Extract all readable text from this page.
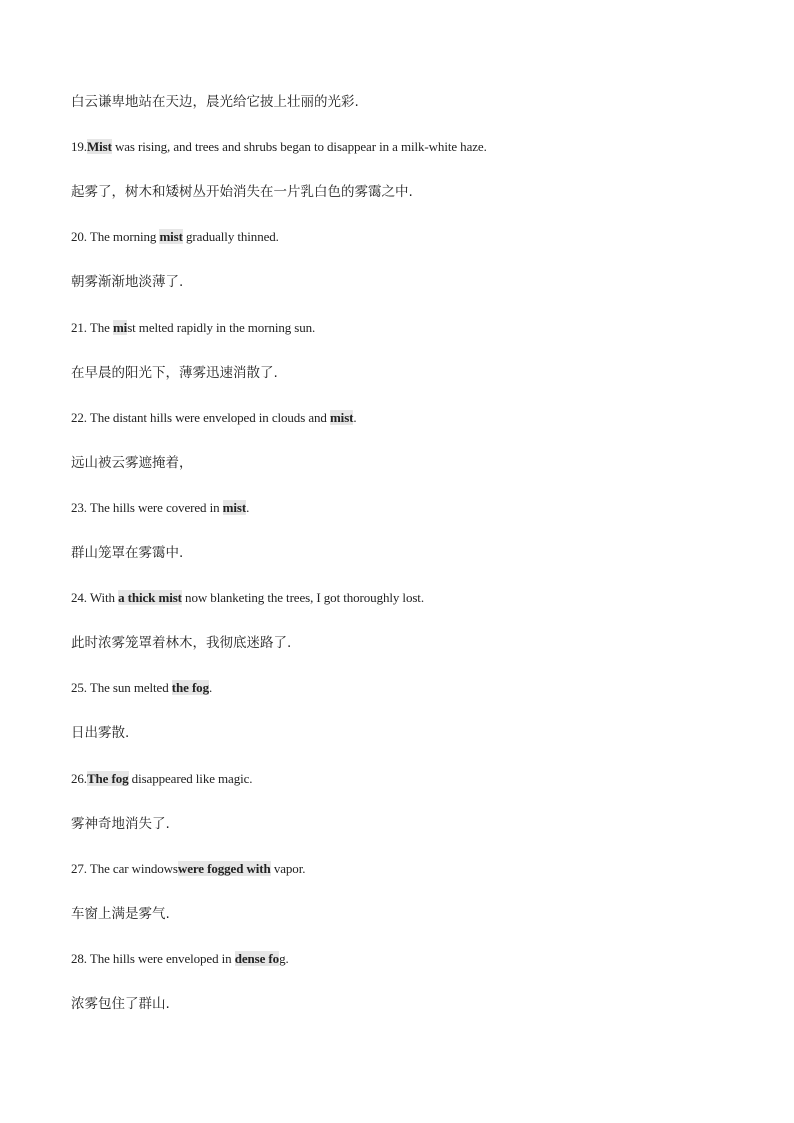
白云谦卑地站在天边，晨光给它披上壮丽的光彩.
19.Mist was rising, and trees and shrubs began to disappear in a milk-white haze.
起雾了，树木和矮树丛开始消失在一片乳白色的雾霭之中.
20. The morning mist gradually thinned.
朝雾渐渐地淡薄了.
21. The mist melted rapidly in the morning sun.
在早晨的阳光下，薄雾迅速消散了.
22. The distant hills were enveloped in clouds and mist.
远山被云雾遮掩着，
23. The hills were covered in mist.
群山笼罩在雾霭中.
24. With a thick mist now blanketing the trees, I got thoroughly lost.
此时浓雾笼罩着林木，我彻底迷路了.
25. The sun melted the fog.
日出雾散.
26.The fog disappeared like magic.
雾神奇地消失了.
27. The car windowswere fogged with vapor.
车窗上满是雾气.
28. The hills were enveloped in dense fog.
浓雾包住了群山.
